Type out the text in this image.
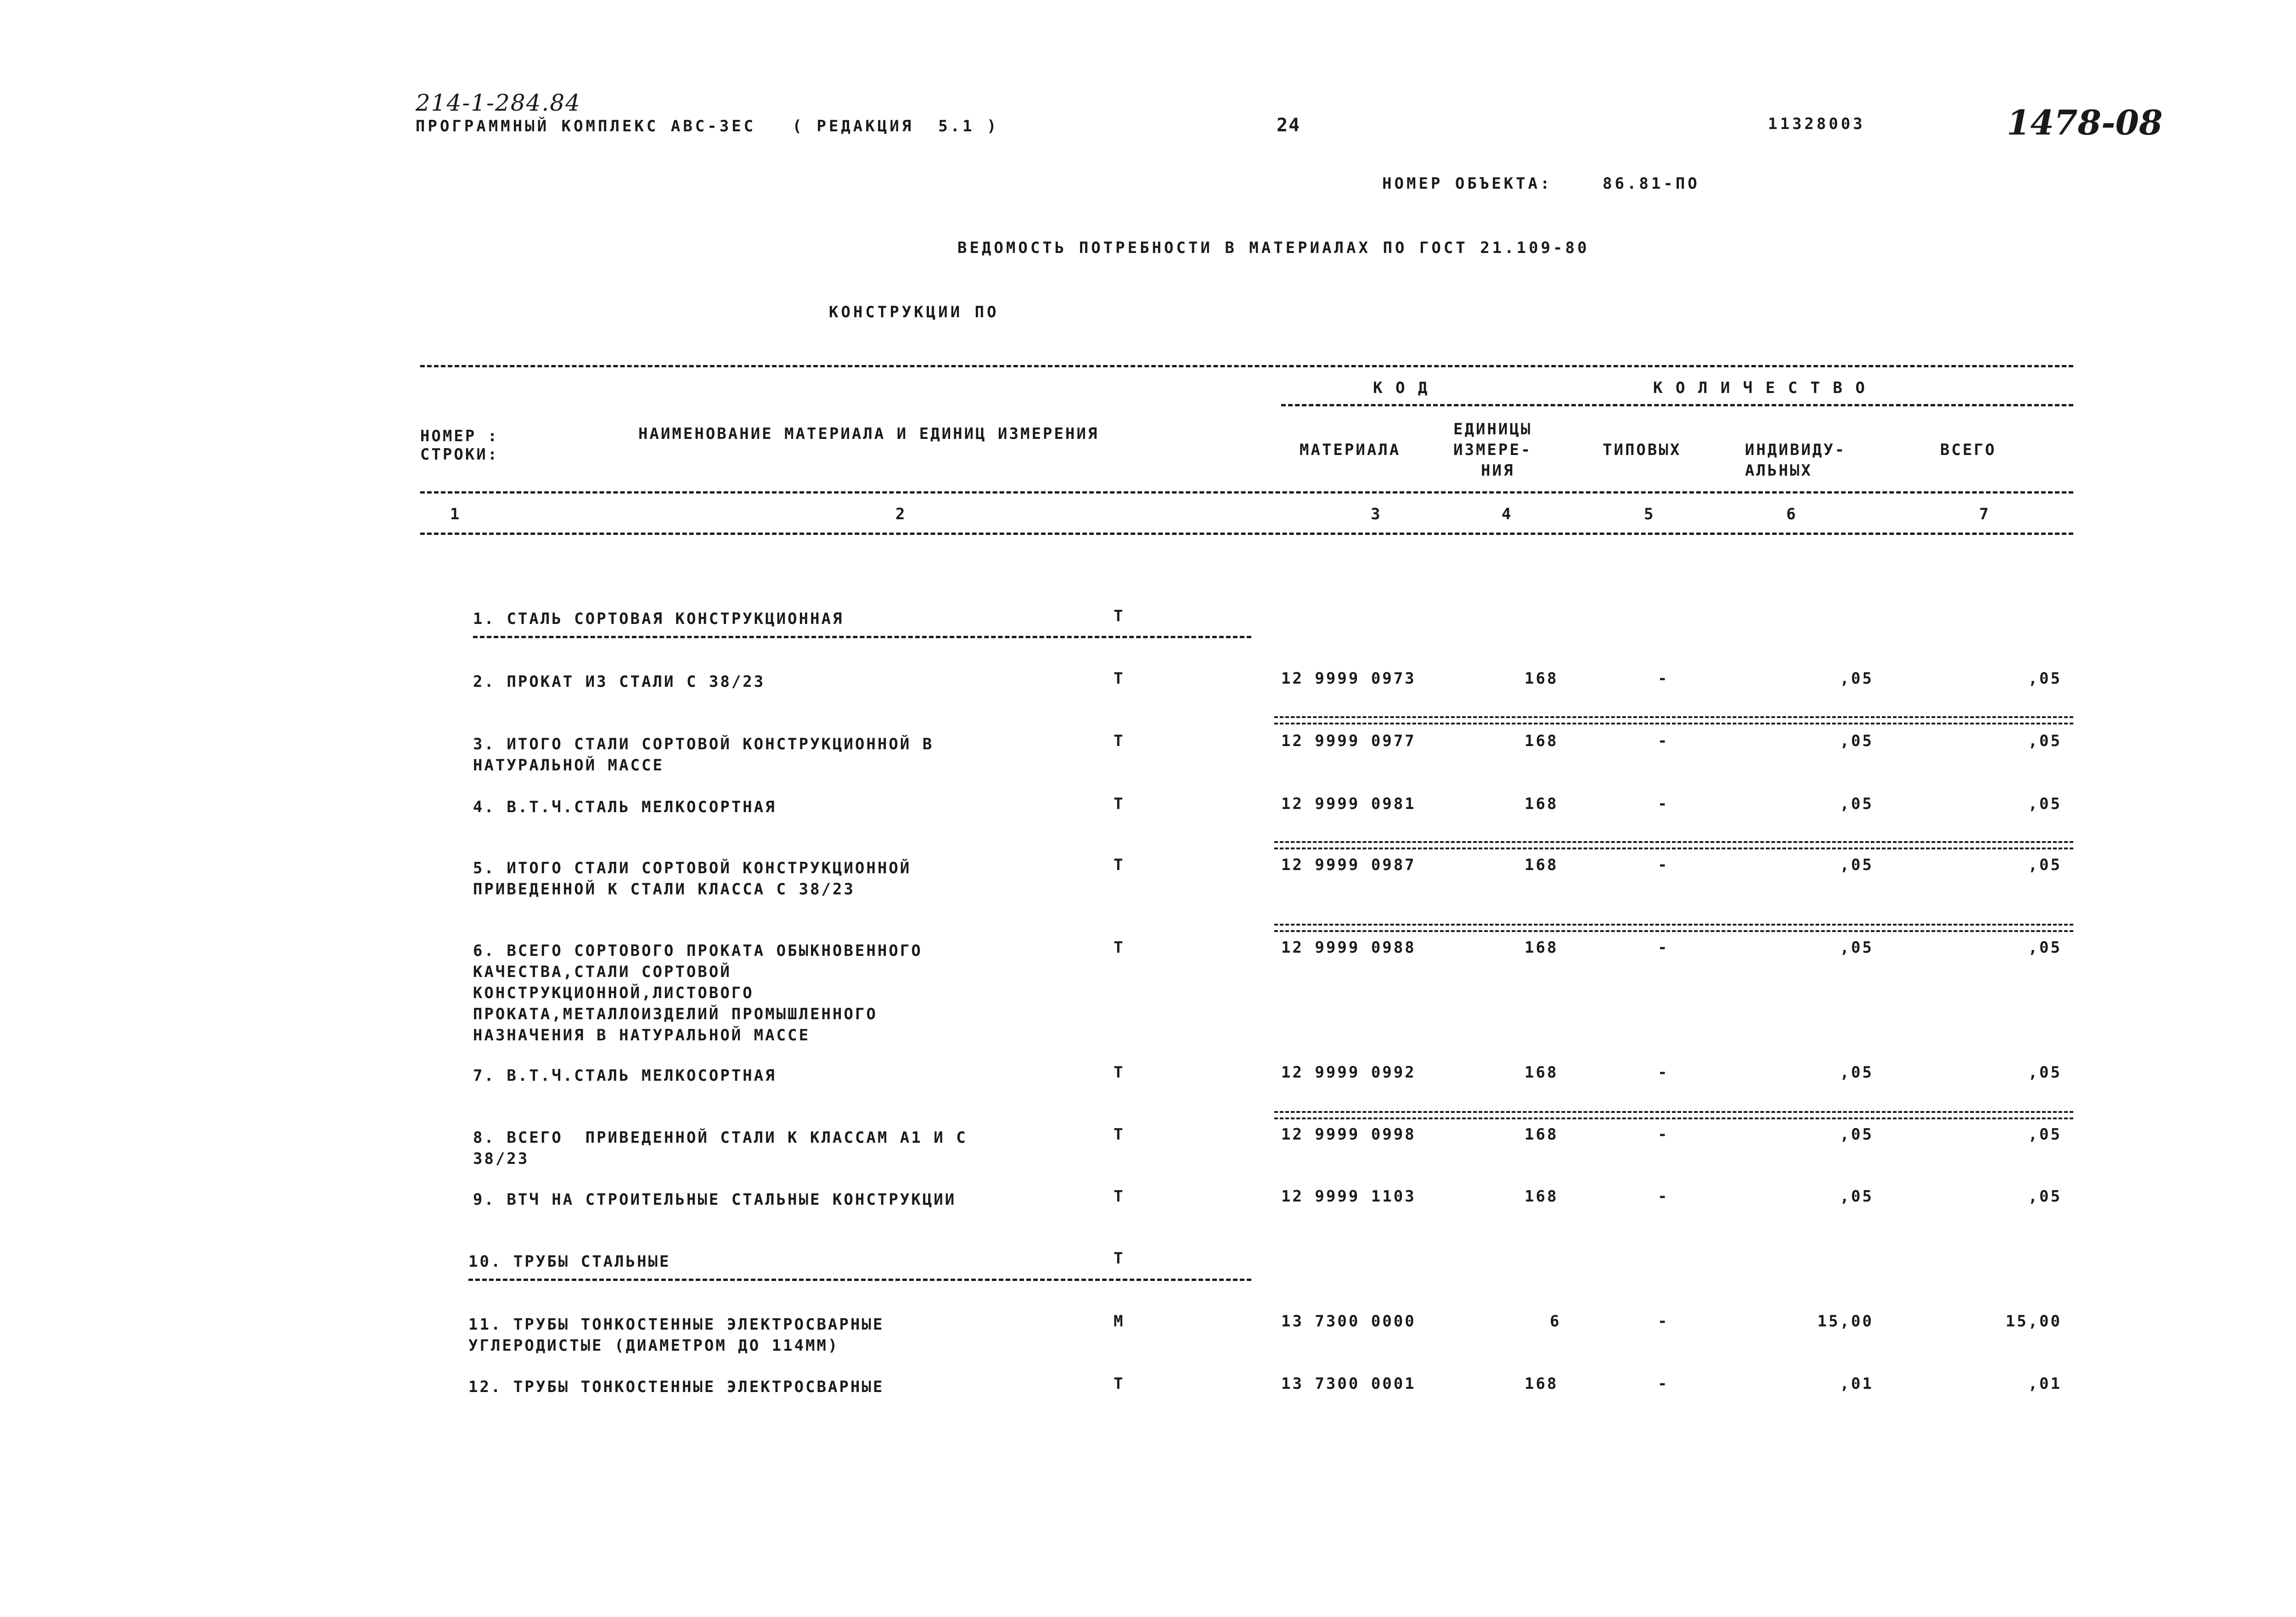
214-1-284.84
ПРОГРАММНЫЙ КОМПЛЕКС АВС-3ЕС   ( РЕДАКЦИЯ  5.1 )	24	11328003	1478-08
НОМЕР ОБЪЕКТА:	86.81-ПО
ВЕДОМОСТЬ ПОТРЕБНОСТИ В МАТЕРИАЛАХ ПО ГОСТ 21.109-80
КОНСТРУКЦИИ ПО
К О Д	К О Л И Ч Е С Т В О
НОМЕР :
СТРОКИ:
НАИМЕНОВАНИЕ МАТЕРИАЛА И ЕДИНИЦ ИЗМЕРЕНИЯ
МАТЕРИАЛА
ЕДИНИЦЫ
ИЗМЕРЕ-
НИЯ
ТИПОВЫХ	ИНДИВИДУ-
АЛЬНЫХ
ВСЕГО
1	2	3	4	5	6	7
1. СТАЛЬ СОРТОВАЯ КОНСТРУКЦИОННАЯ	Т
2. ПРОКАТ ИЗ СТАЛИ С 38/23	Т	12 9999 0973	168	-	,05	,05
3. ИТОГО СТАЛИ СОРТОВОЙ КОНСТРУКЦИОННОЙ В
НАТУРАЛЬНОЙ МАССЕ
Т	12 9999 0977	168	-	,05	,05
4. В.Т.Ч.СТАЛЬ МЕЛКОСОРТНАЯ	Т	12 9999 0981	168	-	,05	,05
5. ИТОГО СТАЛИ СОРТОВОЙ КОНСТРУКЦИОННОЙ
ПРИВЕДЕННОЙ К СТАЛИ КЛАССА С 38/23
Т	12 9999 0987	168	-	,05	,05
6. ВСЕГО СОРТОВОГО ПРОКАТА ОБЫКНОВЕННОГО
КАЧЕСТВА,СТАЛИ СОРТОВОЙ
КОНСТРУКЦИОННОЙ,ЛИСТОВОГО
ПРОКАТА,МЕТАЛЛОИЗДЕЛИЙ ПРОМЫШЛЕННОГО
НАЗНАЧЕНИЯ В НАТУРАЛЬНОЙ МАССЕ
Т	12 9999 0988	168	-	,05	,05
7. В.Т.Ч.СТАЛЬ МЕЛКОСОРТНАЯ	Т	12 9999 0992	168	-	,05	,05
8. ВСЕГО  ПРИВЕДЕННОЙ СТАЛИ К КЛАССАМ А1 И С
38/23
Т	12 9999 0998	168	-	,05	,05
9. ВТЧ НА СТРОИТЕЛЬНЫЕ СТАЛЬНЫЕ КОНСТРУКЦИИ	Т	12 9999 1103	168	-	,05	,05
10. ТРУБЫ СТАЛЬНЫЕ	Т
11. ТРУБЫ ТОНКОСТЕННЫЕ ЭЛЕКТРОСВАРНЫЕ
УГЛЕРОДИСТЫЕ (ДИАМЕТРОМ ДО 114ММ)
М	13 7300 0000	6	-	15,00	15,00
12. ТРУБЫ ТОНКОСТЕННЫЕ ЭЛЕКТРОСВАРНЫЕ	Т	13 7300 0001	168	-	,01	,01
